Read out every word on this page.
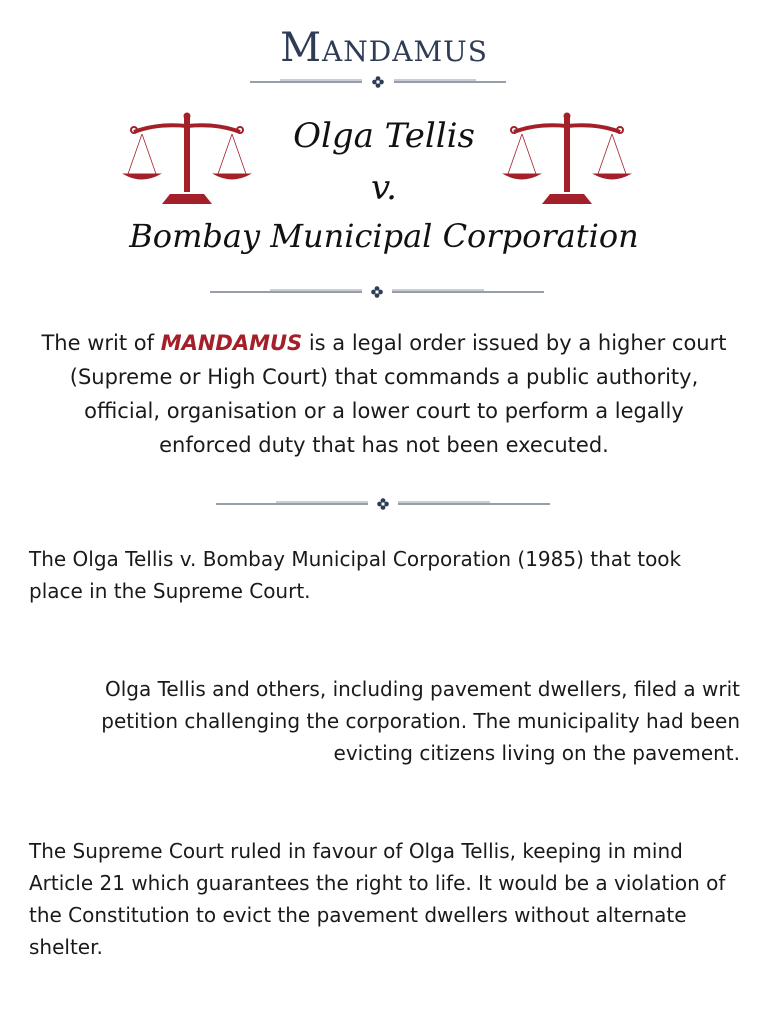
Mandamus
Olga Tellis
v.
Bombay Municipal Corporation
The writ of MANDAMUS is a legal order issued by a higher court (Supreme or High Court) that commands a public authority, official, organisation or a lower court to perform a legally enforced duty that has not been executed.
The Olga Tellis v. Bombay Municipal Corporation (1985) that took place in the Supreme Court.
Olga Tellis and others, including pavement dwellers, filed a writ petition challenging the corporation. The municipality had been evicting citizens living on the pavement.
The Supreme Court ruled in favour of Olga Tellis, keeping in mind Article 21 which guarantees the right to life. It would be a violation of the Constitution to evict the pavement dwellers without alternate shelter.
